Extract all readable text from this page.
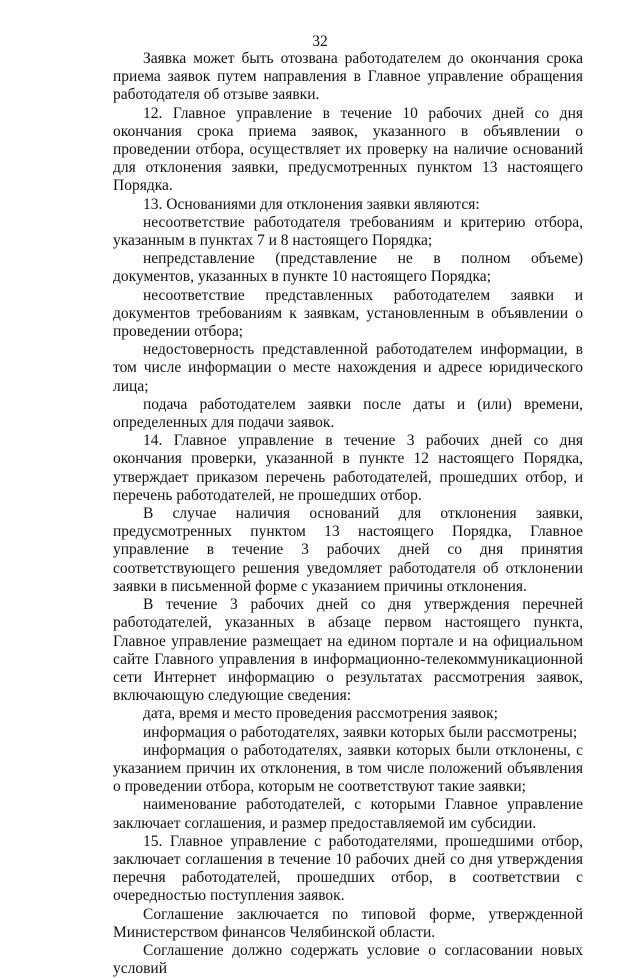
32

Заявка может быть отозвана работодателем до окончания срока приема заявок путем направления в Главное управление обращения работодателя об отзыве заявки.

12. Главное управление в течение 10 рабочих дней со дня окончания срока приема заявок, указанного в объявлении о проведении отбора, осуществляет их проверку на наличие оснований для отклонения заявки, предусмотренных пунктом 13 настоящего Порядка.

13. Основаниями для отклонения заявки являются:

несоответствие работодателя требованиям и критерию отбора, указанным в пунктах 7 и 8 настоящего Порядка;

непредставление (представление не в полном объеме) документов, указанных в пункте 10 настоящего Порядка;

несоответствие представленных работодателем заявки и документов требованиям к заявкам, установленным в объявлении о проведении отбора;

недостоверность представленной работодателем информации, в том числе информации о месте нахождения и адресе юридического лица;

подача работодателем заявки после даты и (или) времени, определенных для подачи заявок.

14. Главное управление в течение 3 рабочих дней со дня окончания проверки, указанной в пункте 12 настоящего Порядка, утверждает приказом перечень работодателей, прошедших отбор, и перечень работодателей, не прошедших отбор.

В случае наличия оснований для отклонения заявки, предусмотренных пунктом 13 настоящего Порядка, Главное управление в течение 3 рабочих дней со дня принятия соответствующего решения уведомляет работодателя об отклонении заявки в письменной форме с указанием причины отклонения.

В течение 3 рабочих дней со дня утверждения перечней работодателей, указанных в абзаце первом настоящего пункта, Главное управление размещает на едином портале и на официальном сайте Главного управления в информационно-телекоммуникационной сети Интернет информацию о результатах рассмотрения заявок, включающую следующие сведения:

дата, время и место проведения рассмотрения заявок;

информация о работодателях, заявки которых были рассмотрены;

информация о работодателях, заявки которых были отклонены, с указанием причин их отклонения, в том числе положений объявления о проведении отбора, которым не соответствуют такие заявки;

наименование работодателей, с которыми Главное управление заключает соглашения, и размер предоставляемой им субсидии.

15. Главное управление с работодателями, прошедшими отбор, заключает соглашения в течение 10 рабочих дней со дня утверждения перечня работодателей, прошедших отбор, в соответствии с очередностью поступления заявок.

Соглашение заключается по типовой форме, утвержденной Министерством финансов Челябинской области.

Соглашение должно содержать условие о согласовании новых условий
